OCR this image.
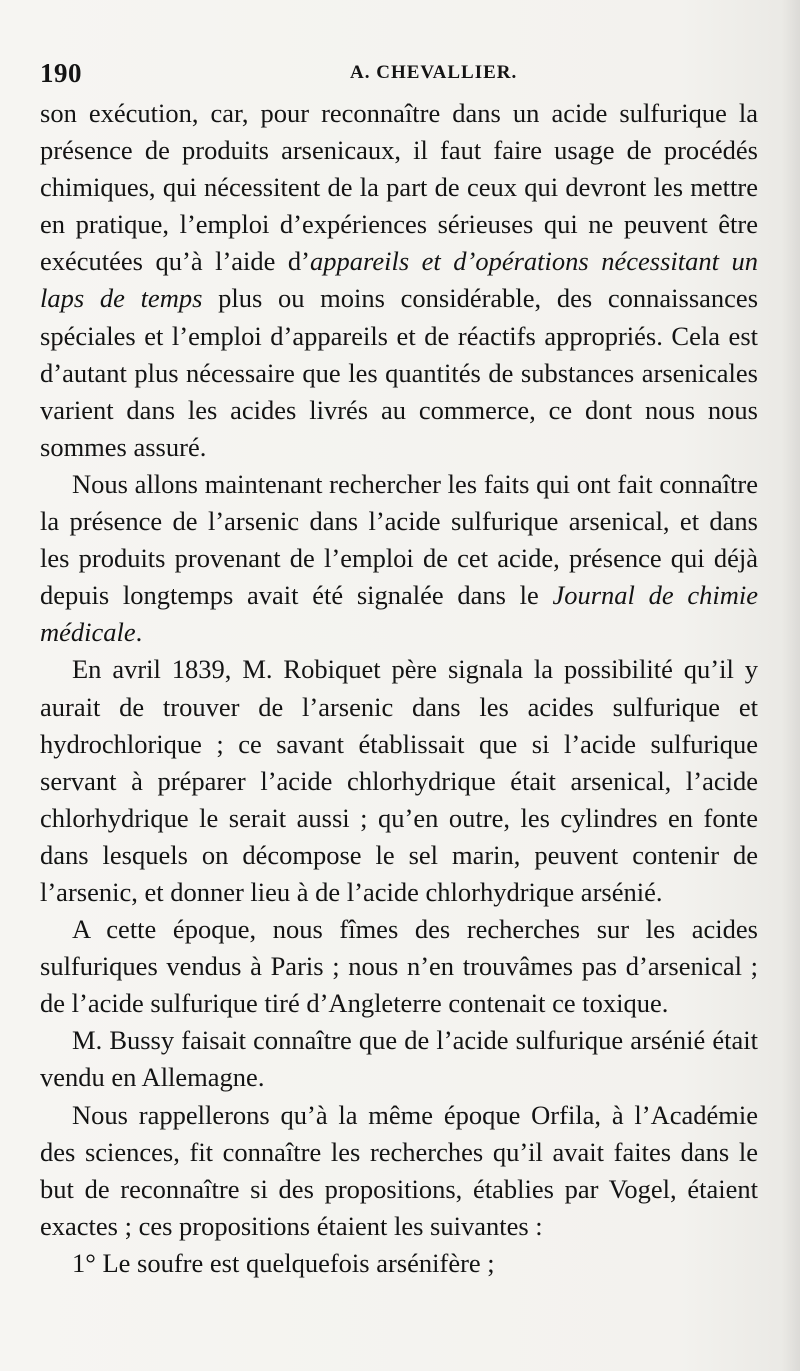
190	A. CHEVALLIER.

son exécution, car, pour reconnaître dans un acide sulfurique la présence de produits arsenicaux, il faut faire usage de procédés chimiques, qui nécessitent de la part de ceux qui devront les mettre en pratique, l’emploi d’expériences sérieuses qui ne peuvent être exécutées qu’à l’aide d’appareils et d’opérations nécessitant un laps de temps plus ou moins considérable, des connaissances spéciales et l’emploi d’appareils et de réactifs appropriés. Cela est d’autant plus nécessaire que les quantités de substances arsenicales varient dans les acides livrés au commerce, ce dont nous nous sommes assuré.

Nous allons maintenant rechercher les faits qui ont fait connaître la présence de l’arsenic dans l’acide sulfurique arsenical, et dans les produits provenant de l’emploi de cet acide, présence qui déjà depuis longtemps avait été signalée dans le Journal de chimie médicale.

En avril 1839, M. Robiquet père signala la possibilité qu’il y aurait de trouver de l’arsenic dans les acides sulfurique et hydrochlorique ; ce savant établissait que si l’acide sulfurique servant à préparer l’acide chlorhydrique était arsenical, l’acide chlorhydrique le serait aussi ; qu’en outre, les cylindres en fonte dans lesquels on décompose le sel marin, peuvent contenir de l’arsenic, et donner lieu à de l’acide chlorhydrique arsénié.

A cette époque, nous fîmes des recherches sur les acides sulfuriques vendus à Paris ; nous n’en trouvâmes pas d’arsenical ; de l’acide sulfurique tiré d’Angleterre contenait ce toxique.

M. Bussy faisait connaître que de l’acide sulfurique arsénié était vendu en Allemagne.

Nous rappellerons qu’à la même époque Orfila, à l’Académie des sciences, fit connaître les recherches qu’il avait faites dans le but de reconnaître si des propositions, établies par Vogel, étaient exactes ; ces propositions étaient les suivantes :

1° Le soufre est quelquefois arsénifère ;
